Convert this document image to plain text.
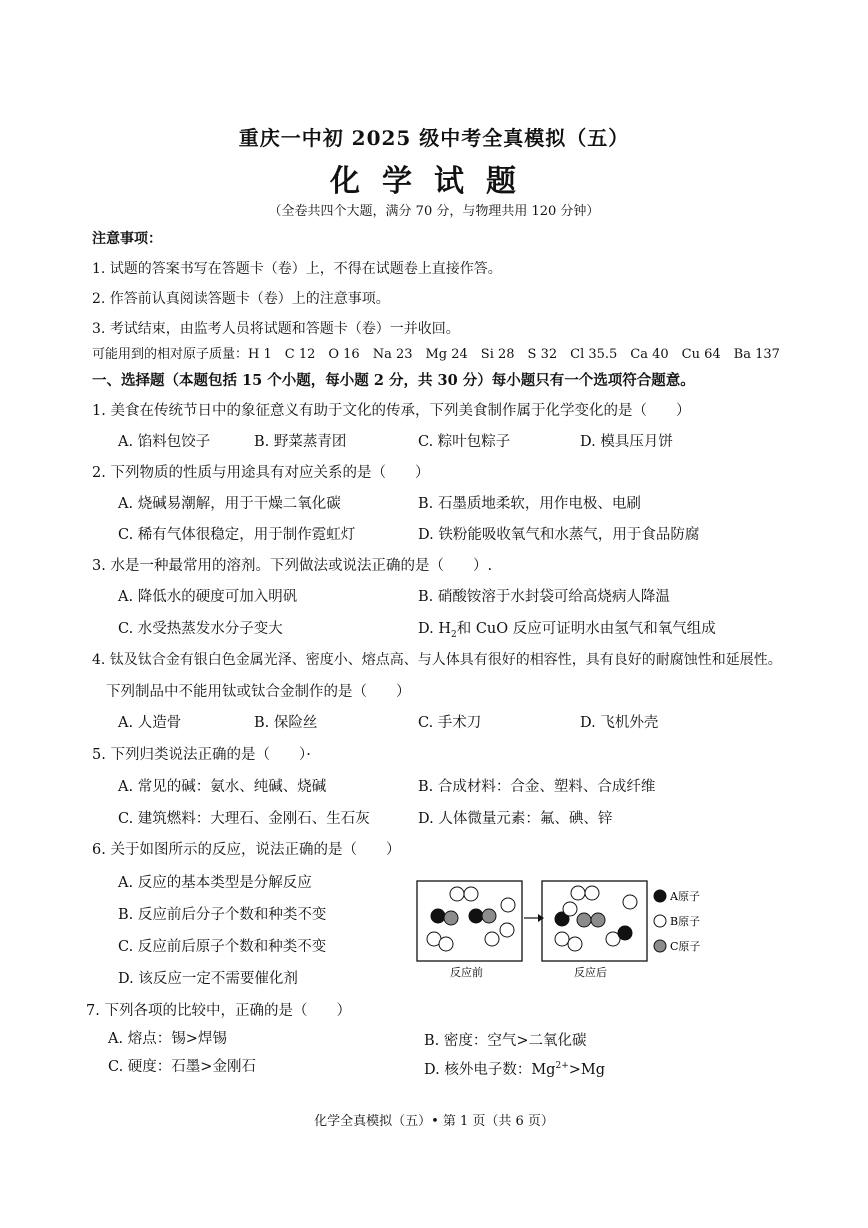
重庆一中初 2025 级中考全真模拟（五）
化学试题
（全卷共四个大题，满分 70 分，与物理共用 120 分钟）
注意事项：
1. 试题的答案书写在答题卡（卷）上，不得在试题卷上直接作答。
2. 作答前认真阅读答题卡（卷）上的注意事项。
3. 考试结束，由监考人员将试题和答题卡（卷）一并收回。
可能用到的相对原子质量：H 1　C 12　O 16　Na 23　Mg 24　Si 28　S 32　Cl 35.5　Ca 40　Cu 64　Ba 137
一、选择题（本题包括 15 个小题，每小题 2 分，共 30 分）每小题只有一个选项符合题意。
1. 美食在传统节日中的象征意义有助于文化的传承，下列美食制作属于化学变化的是（　　）
A. 馅料包饺子	B. 野菜蒸青团	C. 粽叶包粽子	D. 模具压月饼
2. 下列物质的性质与用途具有对应关系的是（　　）
A. 烧碱易潮解，用于干燥二氧化碳	B. 石墨质地柔软，用作电极、电刷
C. 稀有气体很稳定，用于制作霓虹灯	D. 铁粉能吸收氧气和水蒸气，用于食品防腐
3. 水是一种最常用的溶剂。下列做法或说法正确的是（　　）.
A. 降低水的硬度可加入明矾	B. 硝酸铵溶于水封袋可给高烧病人降温
C. 水受热蒸发水分子变大	D. $H_2$和 CuO 反应可证明水由氢气和氧气组成
4. 钛及钛合金有银白色金属光泽、密度小、熔点高、与人体具有很好的相容性，具有良好的耐腐蚀性和延展性。
下列制品中不能用钛或钛合金制作的是（　　）
A. 人造骨	B. 保险丝	C. 手术刀	D. 飞机外壳
5. 下列归类说法正确的是（　　）·
A. 常见的碱：氨水、纯碱、烧碱	B. 合成材料：合金、塑料、合成纤维
C. 建筑燃料：大理石、金刚石、生石灰	D. 人体微量元素：氟、碘、锌
6. 关于如图所示的反应，说法正确的是（　　）
A. 反应的基本类型是分解反应
B. 反应前后分子个数和种类不变
C. 反应前后原子个数和种类不变
D. 该反应一定不需要催化剂
A原子
B原子
C原子
反应前	反应后
7. 下列各项的比较中，正确的是（　　）
A. 熔点：锡>焊锡	B. 密度：空气>二氧化碳
C. 硬度：石墨>金刚石	D. 核外电子数：$Mg^{2+}>Mg$
化学全真模拟（五）• 第 1 页（共 6 页）
